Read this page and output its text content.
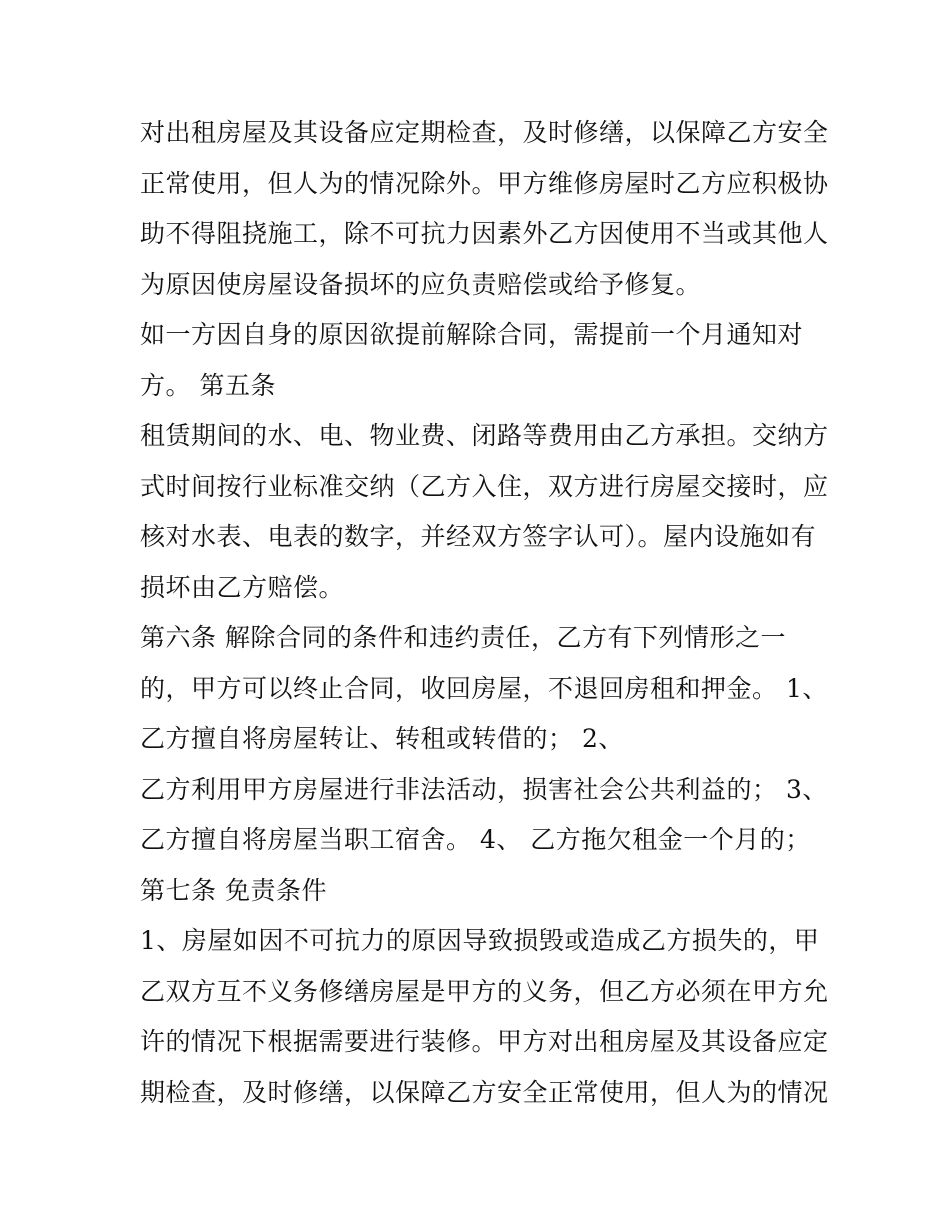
对出租房屋及其设备应定期检查，及时修缮，以保障乙方安全
正常使用，但人为的情况除外。甲方维修房屋时乙方应积极协
助不得阻挠施工，除不可抗力因素外乙方因使用不当或其他人
为原因使房屋设备损坏的应负责赔偿或给予修复。
如一方因自身的原因欲提前解除合同，需提前一个月通知对
方。 第五条
租赁期间的水、电、物业费、闭路等费用由乙方承担。交纳方
式时间按行业标准交纳（乙方入住，双方进行房屋交接时，应
核对水表、电表的数字，并经双方签字认可）。屋内设施如有
损坏由乙方赔偿。
第六条 解除合同的条件和违约责任，乙方有下列情形之一
的，甲方可以终止合同，收回房屋，不退回房租和押金。 1、
乙方擅自将房屋转让、转租或转借的； 2、
乙方利用甲方房屋进行非法活动，损害社会公共利益的； 3、
乙方擅自将房屋当职工宿舍。 4、 乙方拖欠租金一个月的；
第七条 免责条件
1、房屋如因不可抗力的原因导致损毁或造成乙方损失的，甲
乙双方互不义务修缮房屋是甲方的义务，但乙方必须在甲方允
许的情况下根据需要进行装修。甲方对出租房屋及其设备应定
期检查，及时修缮，以保障乙方安全正常使用，但人为的情况
